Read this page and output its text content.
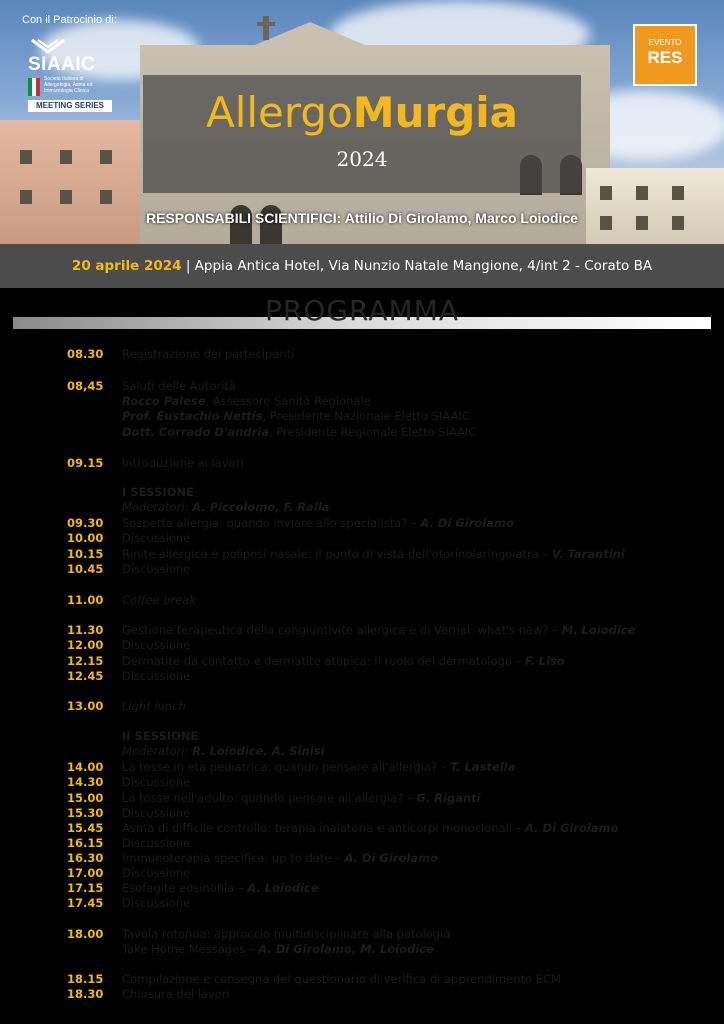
Con il Patrocinio di:
SIAAIC
Società Italiana di Allergologia, Asma ed Immunologia Clinica
MEETING SERIES
EVENTO
RES
AllergoMurgia
2024
RESPONSABILI SCIENTIFICI: Attilio Di Girolamo, Marco Loiodice
20 aprile 2024 | Appia Antica Hotel, Via Nunzio Natale Mangione, 4/int 2 - Corato BA
PROGRAMMA
08.30 Registrazione dei partecipanti
08,45 Saluti delle Autorità
Rocco Palese, Assessore Sanità Regionale
Prof. Eustachio Nettis, Presidente Nazionale Eletto SIAAIC
Dott. Corrado D'andria, Presidente Regionale Eletto SIAAIC
09.15 Introduzione ai lavori
I SESSIONE
Moderatori: A. Piccolomo, F. Ralla
09.30 Sospetta allergia: quando inviare allo specialista? – A. Di Girolamo
10.00 Discussione
10.15 Rinite allergica e poliposi nasale: il punto di vista dell'otorinolaringoiatra – V. Tarantini
10.45 Discussione
11.00 Coffee break
11.30 Gestione terapeutica della congiuntivite allergica e di Vernal: what's new? – M. Loiodice
12.00 Discussione
12.15 Dermatite da contatto e dermatite atopica: il ruolo del dermatologo – F. Liso
12.45 Discussione
13.00 Light lunch
II SESSIONE
Moderatori: R. Loiodice, A. Sinisi
14.00 La tosse in età pediatrica: quando pensare all'allergia? – T. Lastella
14.30 Discussione
15.00 La tosse nell'adulto: quando pensare all'allergia? – G. Riganti
15.30 Discussione
15.45 Asma di difficile controllo: terapia inalatoria e anticorpi monoclonali – A. Di Girolamo
16.15 Discussione
16.30 Immunoterapia specifica: up to date – A. Di Girolamo
17.00 Discussione
17.15 Esofagite eosinofila – A. Loiodice
17.45 Discussione
18.00 Tavola rotonda: approccio multidisciplinare alla patologia
Take Home Messages – A. Di Girolamo, M. Loiodice
18.15 Compilazione e consegna del questionario di verifica di apprendimento ECM
18.30 Chiusura dei lavori
